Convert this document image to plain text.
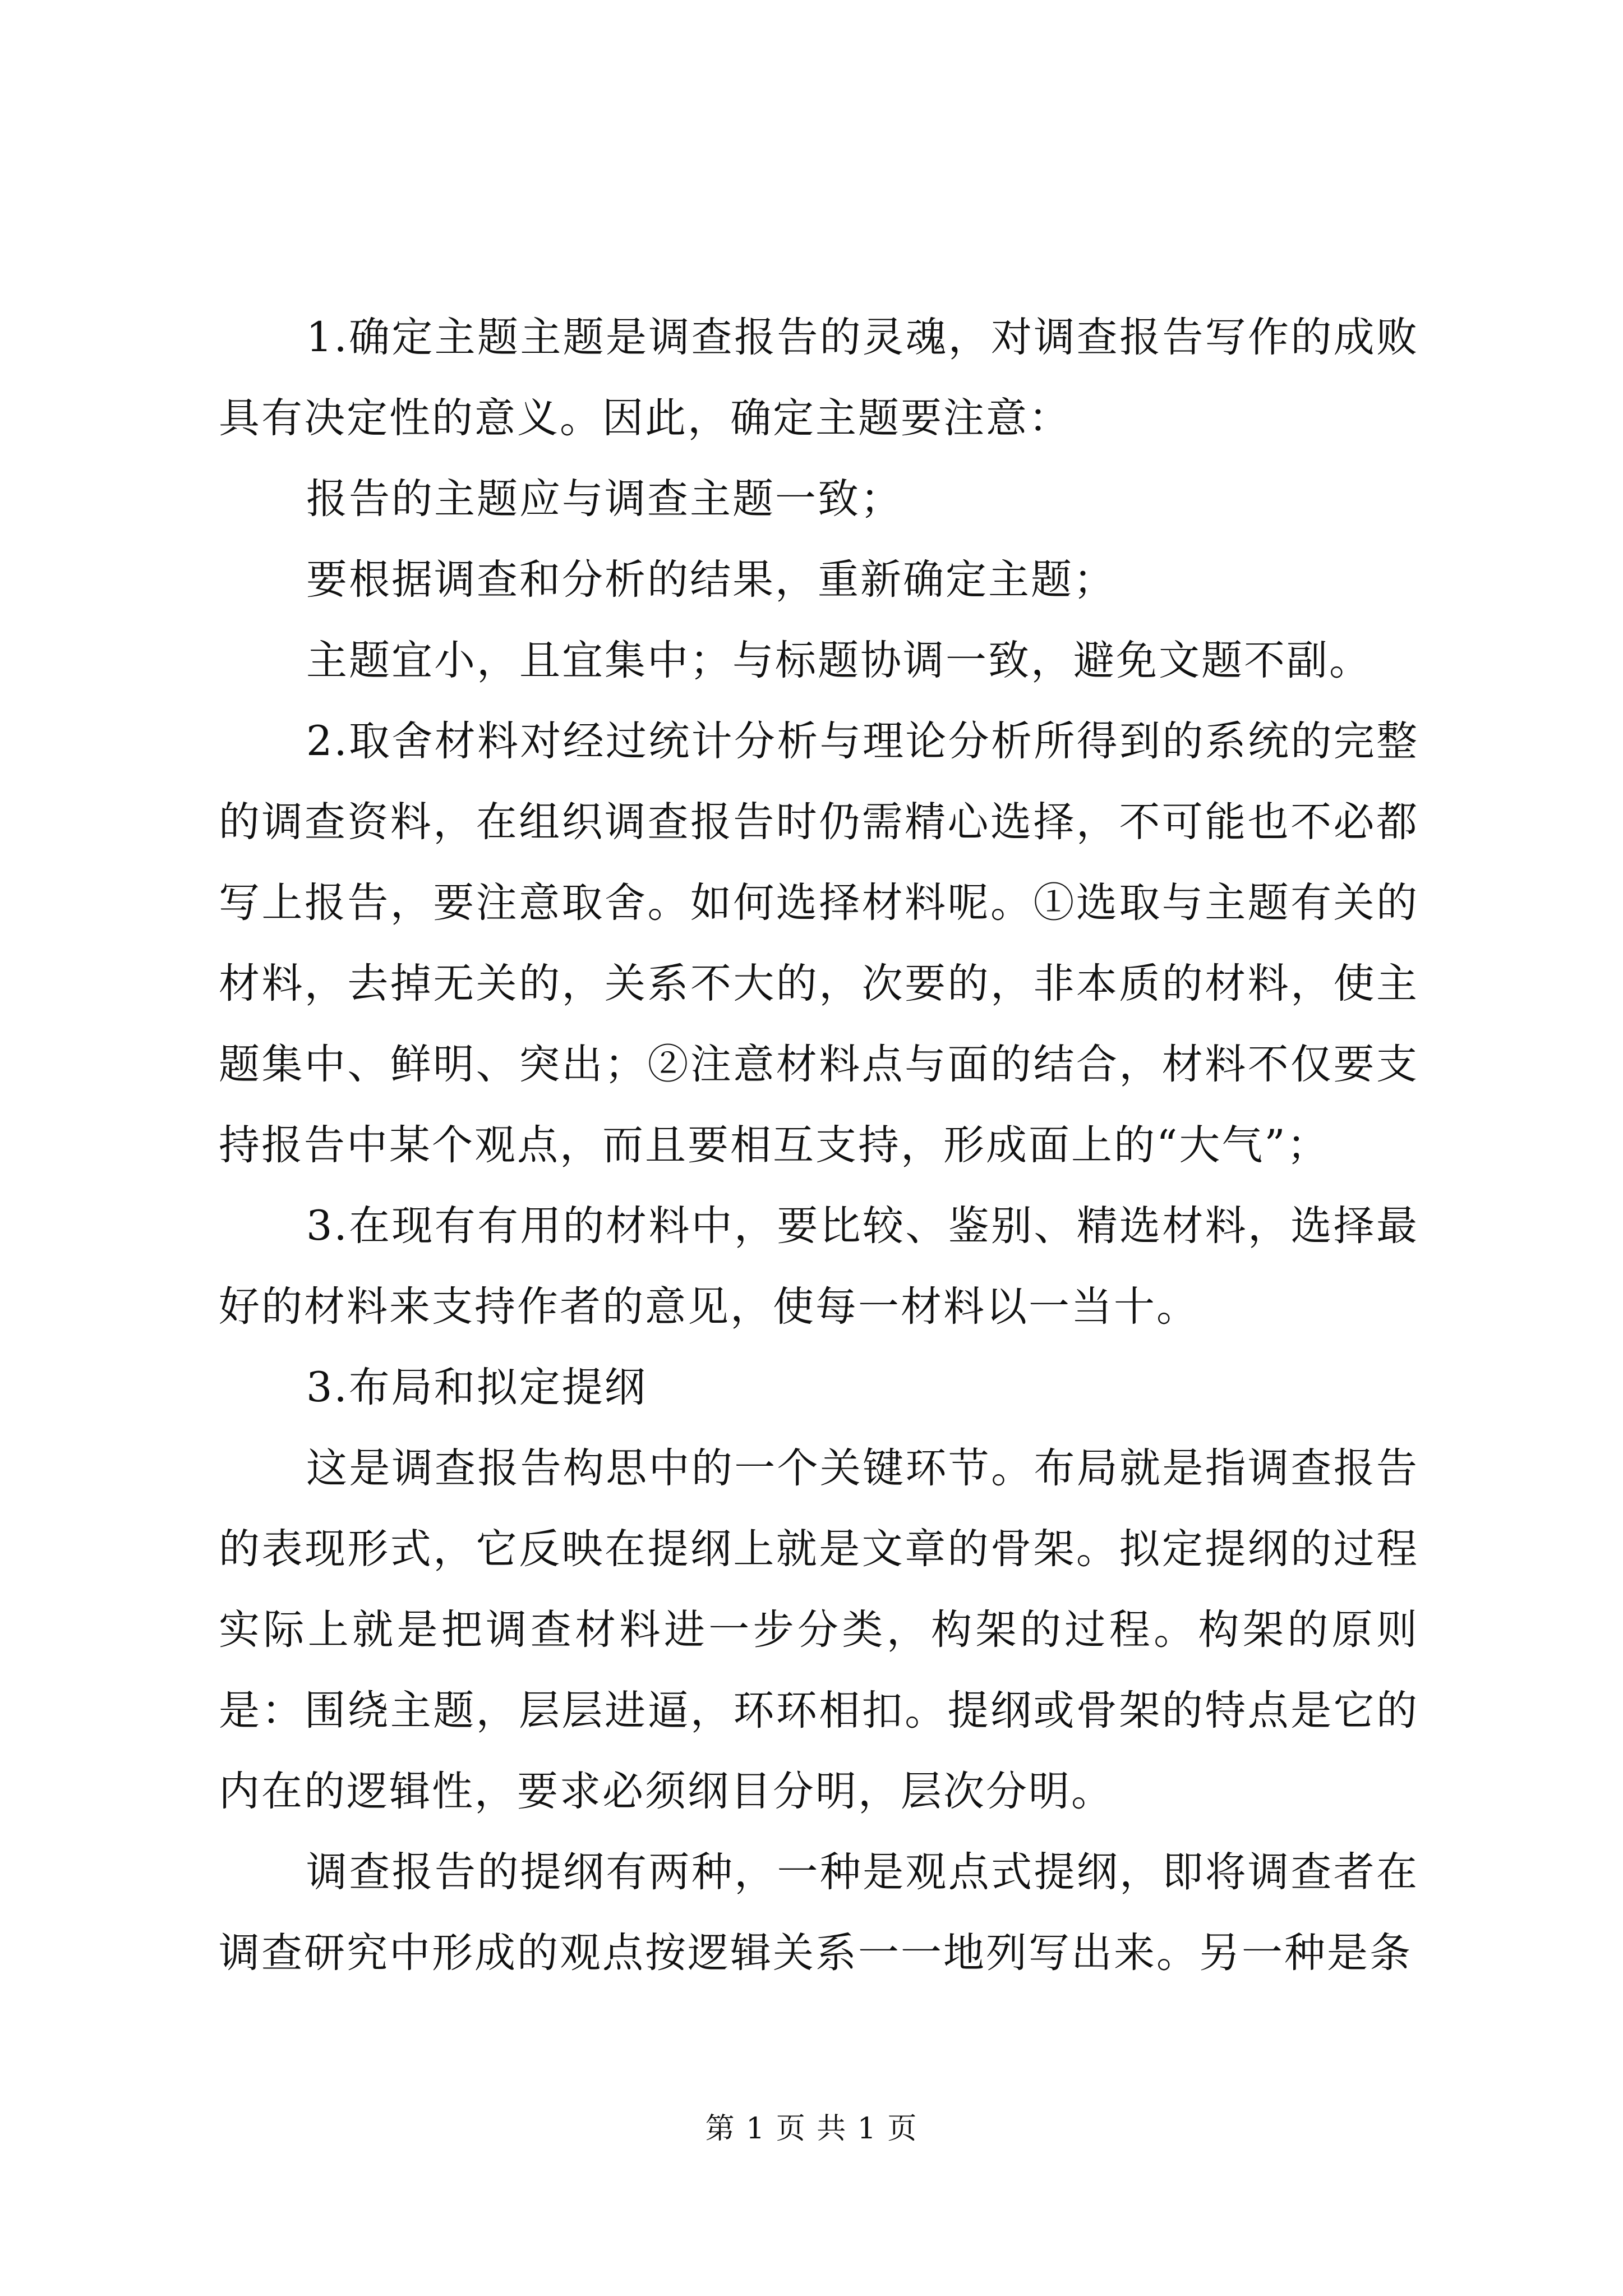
1.确定主题主题是调查报告的灵魂，对调查报告写作的成败具有决定性的意义。因此，确定主题要注意：

报告的主题应与调查主题一致；

要根据调查和分析的结果，重新确定主题；

主题宜小，且宜集中；与标题协调一致，避免文题不副。

2.取舍材料对经过统计分析与理论分析所得到的系统的完整的调查资料，在组织调查报告时仍需精心选择，不可能也不必都写上报告，要注意取舍。如何选择材料呢。①选取与主题有关的材料，去掉无关的，关系不大的，次要的，非本质的材料，使主题集中、鲜明、突出；②注意材料点与面的结合，材料不仅要支持报告中某个观点，而且要相互支持，形成面上的“大气”；

3.在现有有用的材料中，要比较、鉴别、精选材料，选择最好的材料来支持作者的意见，使每一材料以一当十。

3.布局和拟定提纲

这是调查报告构思中的一个关键环节。布局就是指调查报告的表现形式，它反映在提纲上就是文章的骨架。拟定提纲的过程实际上就是把调查材料进一步分类，构架的过程。构架的原则是：围绕主题，层层进逼，环环相扣。提纲或骨架的特点是它的内在的逻辑性，要求必须纲目分明，层次分明。

调查报告的提纲有两种，一种是观点式提纲，即将调查者在调查研究中形成的观点按逻辑关系一一地列写出来。另一种是条

第 1 页 共 1 页
